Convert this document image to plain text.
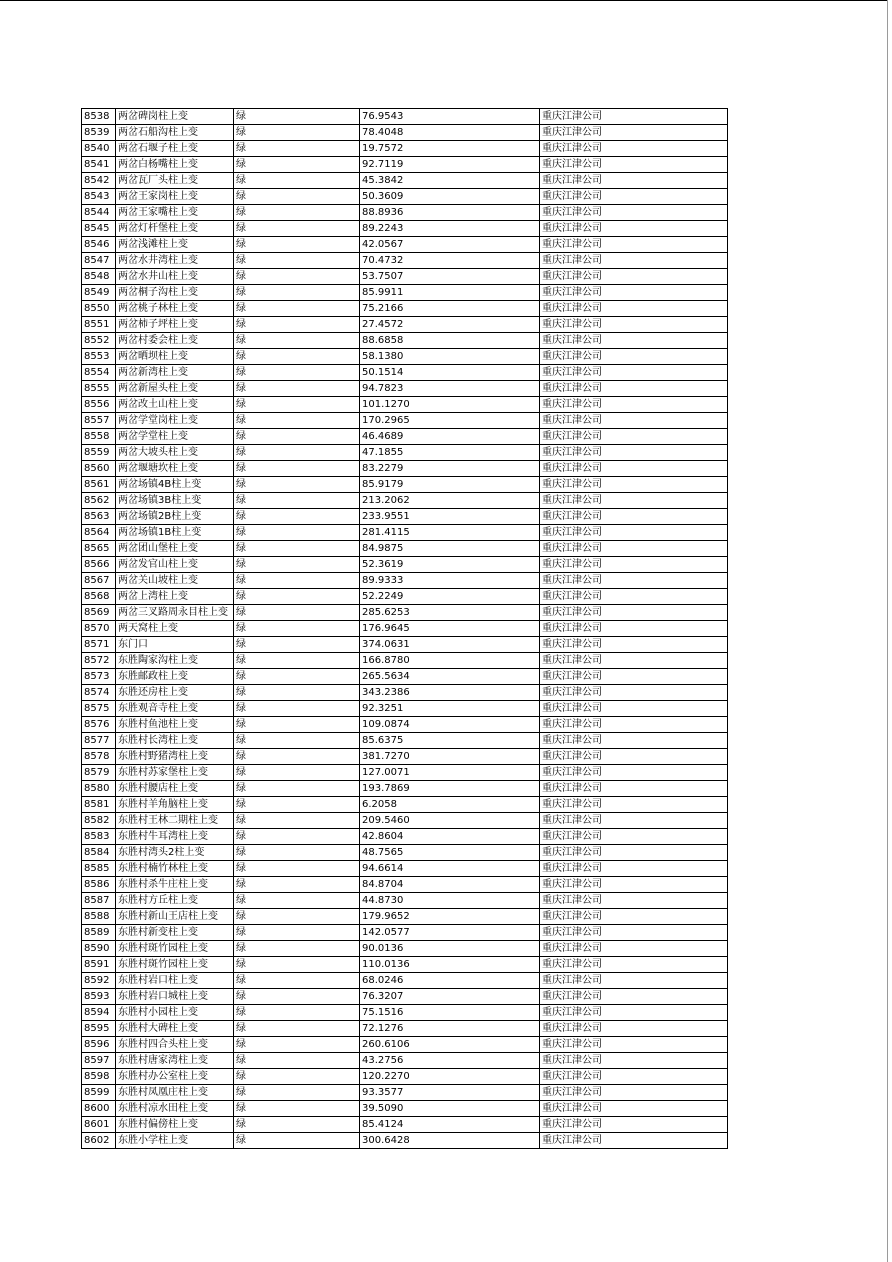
8538	两岔碑岗柱上变	绿	76.9543	重庆江津公司
8539	两岔石船沟柱上变	绿	78.4048	重庆江津公司
8540	两岔石堰子柱上变	绿	19.7572	重庆江津公司
8541	两岔白杨嘴柱上变	绿	92.7119	重庆江津公司
8542	两岔瓦厂头柱上变	绿	45.3842	重庆江津公司
8543	两岔王家岗柱上变	绿	50.3609	重庆江津公司
8544	两岔王家嘴柱上变	绿	88.8936	重庆江津公司
8545	两岔灯杆堡柱上变	绿	89.2243	重庆江津公司
8546	两岔浅滩柱上变	绿	42.0567	重庆江津公司
8547	两岔水井湾柱上变	绿	70.4732	重庆江津公司
8548	两岔水井山柱上变	绿	53.7507	重庆江津公司
8549	两岔桐子沟柱上变	绿	85.9911	重庆江津公司
8550	两岔桃子林柱上变	绿	75.2166	重庆江津公司
8551	两岔柿子坪柱上变	绿	27.4572	重庆江津公司
8552	两岔村委会柱上变	绿	88.6858	重庆江津公司
8553	两岔晒坝柱上变	绿	58.1380	重庆江津公司
8554	两岔新湾柱上变	绿	50.1514	重庆江津公司
8555	两岔新屋头柱上变	绿	94.7823	重庆江津公司
8556	两岔改土山柱上变	绿	101.1270	重庆江津公司
8557	两岔学堂岗柱上变	绿	170.2965	重庆江津公司
8558	两岔学堂柱上变	绿	46.4689	重庆江津公司
8559	两岔大坡头柱上变	绿	47.1855	重庆江津公司
8560	两岔堰塘坎柱上变	绿	83.2279	重庆江津公司
8561	两岔场镇4B柱上变	绿	85.9179	重庆江津公司
8562	两岔场镇3B柱上变	绿	213.2062	重庆江津公司
8563	两岔场镇2B柱上变	绿	233.9551	重庆江津公司
8564	两岔场镇1B柱上变	绿	281.4115	重庆江津公司
8565	两岔团山堡柱上变	绿	84.9875	重庆江津公司
8566	两岔发官山柱上变	绿	52.3619	重庆江津公司
8567	两岔关山坡柱上变	绿	89.9333	重庆江津公司
8568	两岔上湾柱上变	绿	52.2249	重庆江津公司
8569	两岔三叉路周永目柱上变	绿	285.6253	重庆江津公司
8570	两天窝柱上变	绿	176.9645	重庆江津公司
8571	东门口	绿	374.0631	重庆江津公司
8572	东胜陶家沟柱上变	绿	166.8780	重庆江津公司
8573	东胜邮政柱上变	绿	265.5634	重庆江津公司
8574	东胜还房柱上变	绿	343.2386	重庆江津公司
8575	东胜观音寺柱上变	绿	92.3251	重庆江津公司
8576	东胜村鱼池柱上变	绿	109.0874	重庆江津公司
8577	东胜村长湾柱上变	绿	85.6375	重庆江津公司
8578	东胜村野猪湾柱上变	绿	381.7270	重庆江津公司
8579	东胜村苏家堡柱上变	绿	127.0071	重庆江津公司
8580	东胜村腰店柱上变	绿	193.7869	重庆江津公司
8581	东胜村羊角脑柱上变	绿	6.2058	重庆江津公司
8582	东胜村王林二期柱上变	绿	209.5460	重庆江津公司
8583	东胜村牛耳湾柱上变	绿	42.8604	重庆江津公司
8584	东胜村湾头2柱上变	绿	48.7565	重庆江津公司
8585	东胜村楠竹林柱上变	绿	94.6614	重庆江津公司
8586	东胜村杀牛庄柱上变	绿	84.8704	重庆江津公司
8587	东胜村方丘柱上变	绿	44.8730	重庆江津公司
8588	东胜村新山王店柱上变	绿	179.9652	重庆江津公司
8589	东胜村新变柱上变	绿	142.0577	重庆江津公司
8590	东胜村斑竹园柱上变	绿	90.0136	重庆江津公司
8591	东胜村斑竹园柱上变	绿	110.0136	重庆江津公司
8592	东胜村岩口柱上变	绿	68.0246	重庆江津公司
8593	东胜村岩口城柱上变	绿	76.3207	重庆江津公司
8594	东胜村小园柱上变	绿	75.1516	重庆江津公司
8595	东胜村大碑柱上变	绿	72.1276	重庆江津公司
8596	东胜村四合头柱上变	绿	260.6106	重庆江津公司
8597	东胜村唐家湾柱上变	绿	43.2756	重庆江津公司
8598	东胜村办公室柱上变	绿	120.2270	重庆江津公司
8599	东胜村凤凰庄柱上变	绿	93.3577	重庆江津公司
8600	东胜村凉水田柱上变	绿	39.5090	重庆江津公司
8601	东胜村偏傍柱上变	绿	85.4124	重庆江津公司
8602	东胜小学柱上变	绿	300.6428	重庆江津公司
